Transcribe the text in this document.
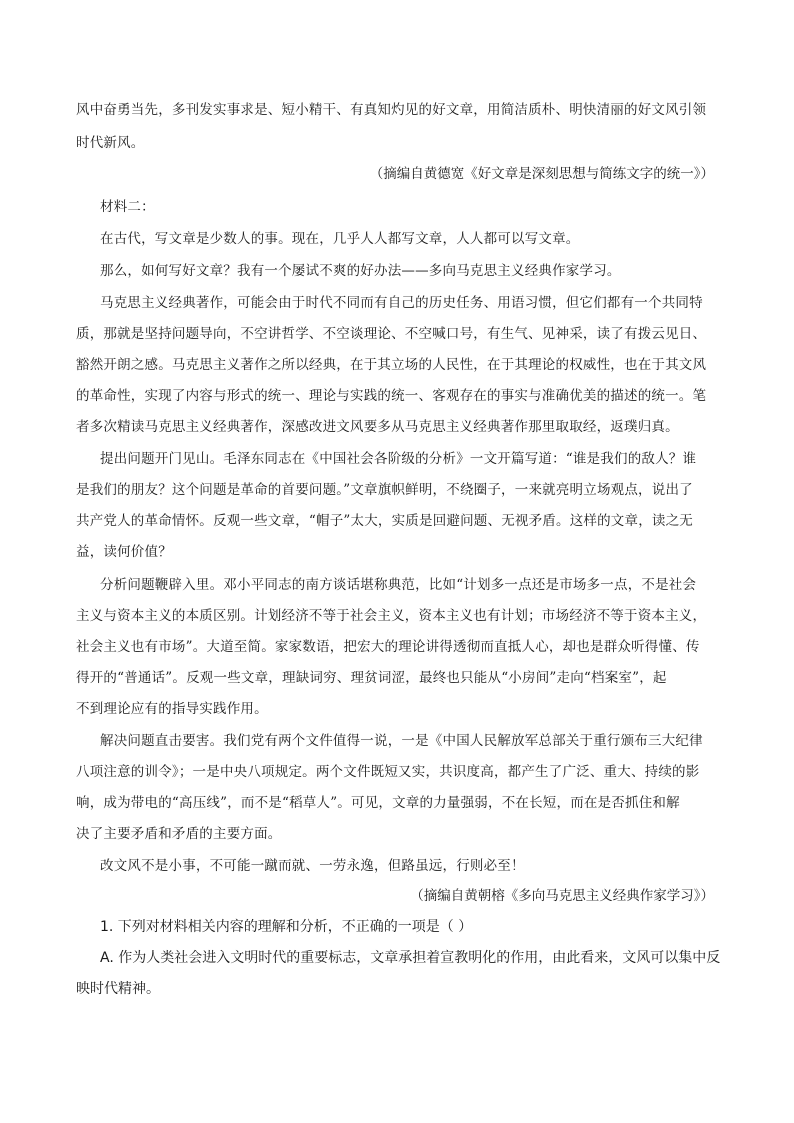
风中奋勇当先，多刊发实事求是、短小精干、有真知灼见的好文章，用简洁质朴、明快清丽的好文风引领
时代新风。
（摘编自黄德宽《好文章是深刻思想与简练文字的统一》）
材料二：
在古代，写文章是少数人的事。现在，几乎人人都写文章，人人都可以写文章。
那么，如何写好文章？我有一个屡试不爽的好办法——多向马克思主义经典作家学习。
马克思主义经典著作，可能会由于时代不同而有自己的历史任务、用语习惯，但它们都有一个共同特
质，那就是坚持问题导向，不空讲哲学、不空谈理论、不空喊口号，有生气、见神采，读了有拨云见日、
豁然开朗之感。马克思主义著作之所以经典，在于其立场的人民性，在于其理论的权威性，也在于其文风
的革命性，实现了内容与形式的统一、理论与实践的统一、客观存在的事实与准确优美的描述的统一。笔
者多次精读马克思主义经典著作，深感改进文风要多从马克思主义经典著作那里取取经，返璞归真。
提出问题开门见山。毛泽东同志在《中国社会各阶级的分析》一文开篇写道：“谁是我们的敌人？谁
是我们的朋友？这个问题是革命的首要问题。”文章旗帜鲜明，不绕圈子，一来就亮明立场观点，说出了
共产党人的革命情怀。反观一些文章，“帽子”太大，实质是回避问题、无视矛盾。这样的文章，读之无
益，读何价值？
分析问题鞭辟入里。邓小平同志的南方谈话堪称典范，比如“计划多一点还是市场多一点，不是社会
主义与资本主义的本质区别。计划经济不等于社会主义，资本主义也有计划；市场经济不等于资本主义，
社会主义也有市场”。大道至简。家家数语，把宏大的理论讲得透彻而直抵人心，却也是群众听得懂、传
得开的“普通话”。反观一些文章，理缺词穷、理贫词涩，最终也只能从“小房间”走向“档案室”，起
不到理论应有的指导实践作用。
解决问题直击要害。我们党有两个文件值得一说，一是《中国人民解放军总部关于重行颁布三大纪律
八项注意的训令》；一是中央八项规定。两个文件既短又实，共识度高，都产生了广泛、重大、持续的影
响，成为带电的“高压线”，而不是“稻草人”。可见，文章的力量强弱，不在长短，而在是否抓住和解
决了主要矛盾和矛盾的主要方面。
改文风不是小事，不可能一蹴而就、一劳永逸，但路虽远，行则必至！
（摘编自黄朝榕《多向马克思主义经典作家学习》）
1. 下列对材料相关内容的理解和分析，不正确的一项是（ ）
A. 作为人类社会进入文明时代的重要标志，文章承担着宣教明化的作用，由此看来，文风可以集中反
映时代精神。
